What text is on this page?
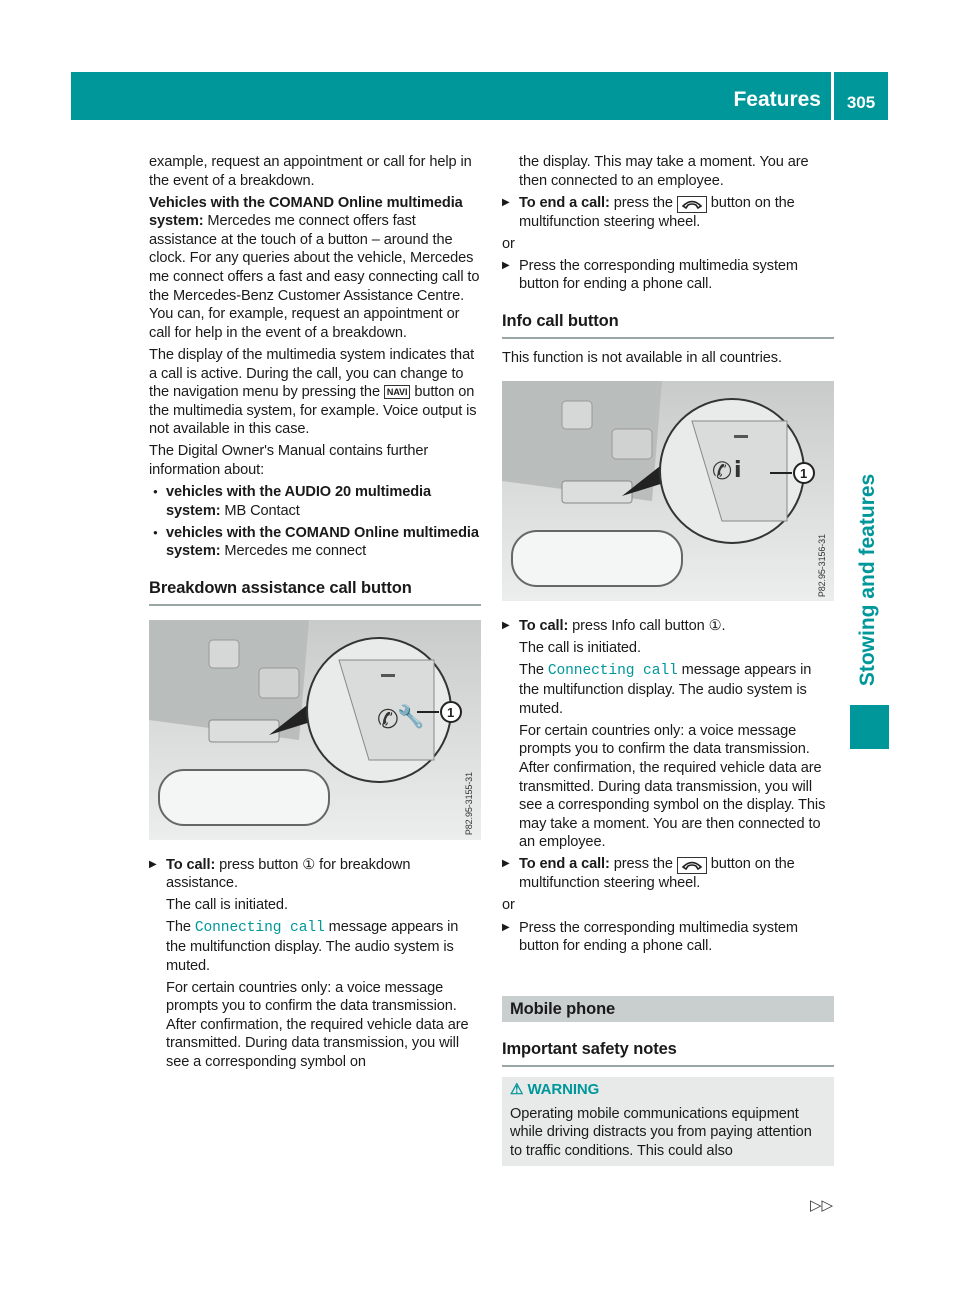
Features	305
Stowing and features

example, request an appointment or call for help in the event of a breakdown.

Vehicles with the COMAND Online multimedia system: Mercedes me connect offers fast assistance at the touch of a button – around the clock. For any queries about the vehicle, Mercedes me connect offers a fast and easy connecting call to the Mercedes-Benz Customer Assistance Centre. You can, for example, request an appointment or call for help in the event of a breakdown.

The display of the multimedia system indicates that a call is active. During the call, you can change to the navigation menu by pressing the NAVI button on the multimedia system, for example. Voice output is not available in this case.

The Digital Owner's Manual contains further information about:

● vehicles with the AUDIO 20 multimedia system: MB Contact

● vehicles with the COMAND Online multimedia system: Mercedes me connect

Breakdown assistance call button
✆
🔧 1
P82.95-3155-31

▶ To call: press button ① for breakdown assistance.

The call is initiated.

The Connecting call message appears in the multifunction display. The audio system is muted.

For certain countries only: a voice message prompts you to confirm the data transmission. After confirmation, the required vehicle data are transmitted. During data transmission, you will see a corresponding symbol on

the display. This may take a moment. You are then connected to an employee.

▶ To end a call: press the  button on the multifunction steering wheel.

or

▶ Press the corresponding multimedia system button for ending a phone call.

Info call button

This function is not available in all countries.

✆ i	1
P82.95-3156-31

▶ To call: press Info call button ①.

The call is initiated.

The Connecting call message appears in the multifunction display. The audio system is muted.

For certain countries only: a voice message prompts you to confirm the data transmission. After confirmation, the required vehicle data are transmitted. During data transmission, you will see a corresponding symbol on the display. This may take a moment. You are then connected to an employee.

▶ To end a call: press the  button on the multifunction steering wheel.

or

▶ Press the corresponding multimedia system button for ending a phone call.

Mobile phone
Important safety notes
⚠ WARNING
Operating mobile communications equipment while driving distracts you from paying attention to traffic conditions. This could also
▷▷
